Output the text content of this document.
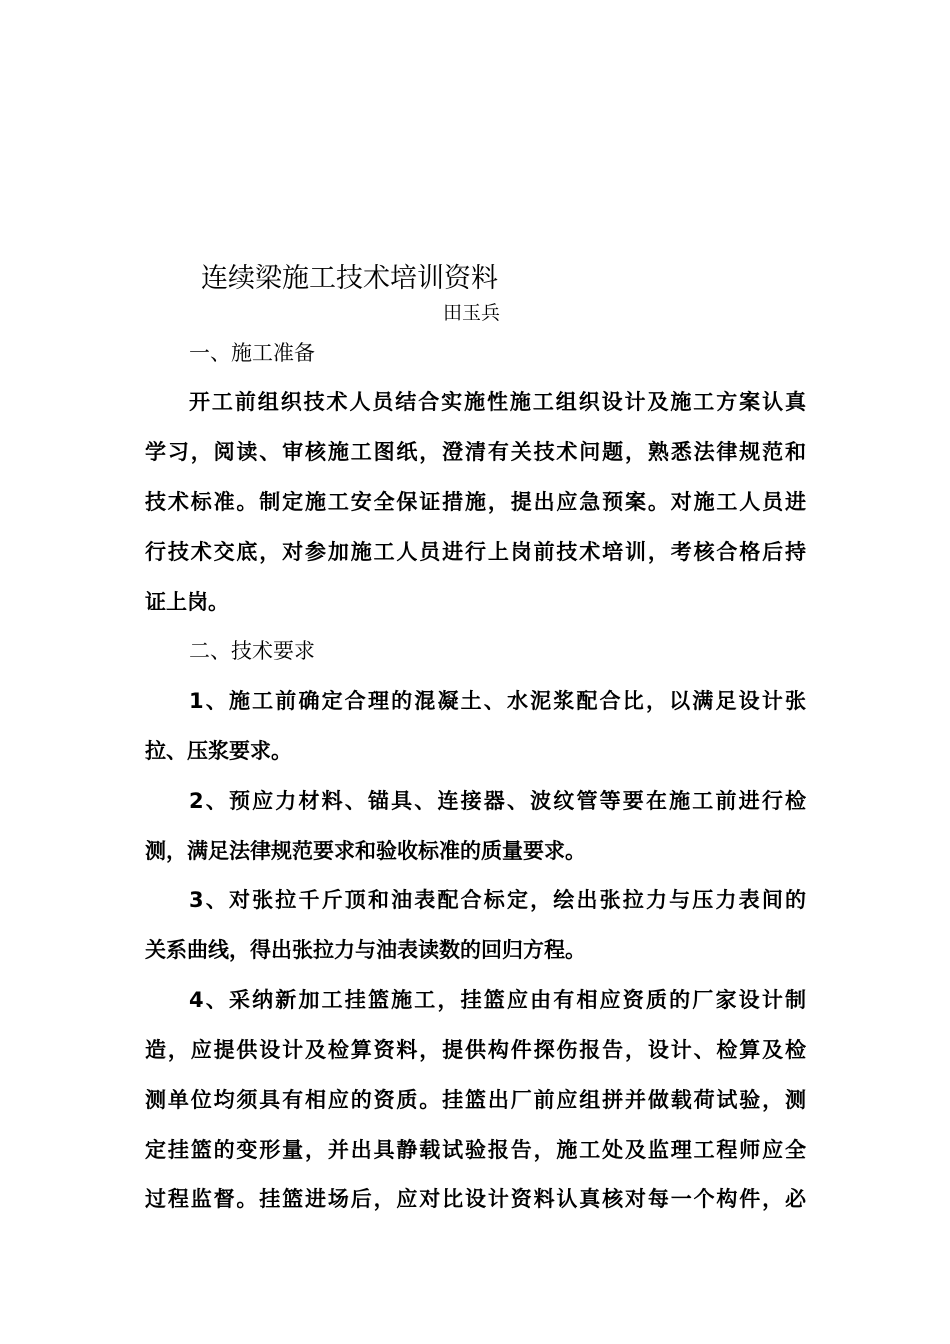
连续梁施工技术培训资料
田玉兵
一、施工准备
开工前组织技术人员结合实施性施工组织设计及施工方案认真
学习，阅读、审核施工图纸，澄清有关技术问题，熟悉法律规范和
技术标准。制定施工安全保证措施，提出应急预案。对施工人员进
行技术交底，对参加施工人员进行上岗前技术培训，考核合格后持
证上岗。
二、技术要求
1、施工前确定合理的混凝土、水泥浆配合比，以满足设计张
拉、压浆要求。
2、预应力材料、锚具、连接器、波纹管等要在施工前进行检
测，满足法律规范要求和验收标准的质量要求。
3、对张拉千斤顶和油表配合标定，绘出张拉力与压力表间的
关系曲线，得出张拉力与油表读数的回归方程。
4、采纳新加工挂篮施工，挂篮应由有相应资质的厂家设计制
造，应提供设计及检算资料，提供构件探伤报告，设计、检算及检
测单位均须具有相应的资质。挂篮出厂前应组拼并做载荷试验，测
定挂篮的变形量，并出具静载试验报告，施工处及监理工程师应全
过程监督。挂篮进场后，应对比设计资料认真核对每一个构件，必
